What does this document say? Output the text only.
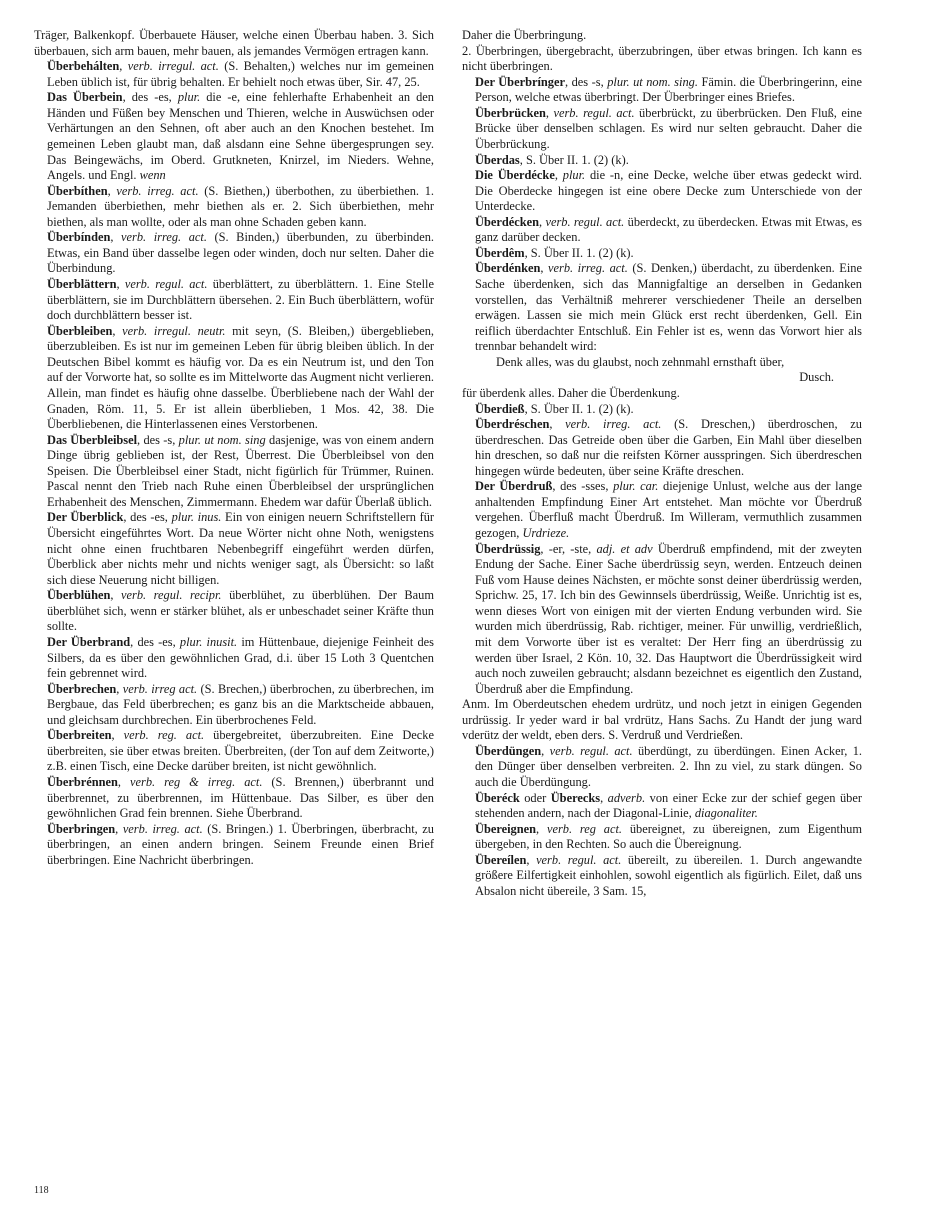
Träger, Balkenkopf. Überbauete Häuser, welche einen Überbau haben. 3. Sich überbauen, sich arm bauen, mehr bauen, als jemandes Vermögen ertragen kann.

Überbehálten, verb. irregul. act. (S. Behalten,) welches nur im gemeinen Leben üblich ist, für übrig behalten. Er behielt noch etwas über, Sir. 47, 25.

Das Überbein, des -es, plur. die -e, eine fehlerhafte Erhabenheit an den Händen und Füßen bey Menschen und Thieren, welche in Auswüchsen oder Verhärtungen an den Sehnen, oft aber auch an den Knochen bestehet. Im gemeinen Leben glaubt man, daß alsdann eine Sehne übergesprungen sey. Das Beingewächs, im Oberd. Grutkneten, Knirzel, im Nieders. Wehne, Angels. und Engl. wenn

Überbíthen, verb. irreg. act. (S. Biethen,) überbothen, zu überbiethen. 1. Jemanden überbiethen, mehr biethen als er. 2. Sich überbiethen, mehr biethen, als man wollte, oder als man ohne Schaden geben kann.

Überbínden, verb. irreg. act. (S. Binden,) überbunden, zu überbinden. Etwas, ein Band über dasselbe legen oder winden, doch nur selten. Daher die Überbindung.

Überblättern, verb. regul. act. überblättert, zu überblättern. 1. Eine Stelle überblättern, sie im Durchblättern übersehen. 2. Ein Buch überblättern, wofür doch durchblättern besser ist.

Überbleiben, verb. irregul. neutr. mit seyn, (S. Bleiben,) übergeblieben, überzubleiben. Es ist nur im gemeinen Leben für übrig bleiben üblich. In der Deutschen Bibel kommt es häufig vor. Da es ein Neutrum ist, und den Ton auf der Vorworte hat, so sollte es im Mittelworte das Augment nicht verlieren. Allein, man findet es häufig ohne dasselbe. Überbliebene nach der Wahl der Gnaden, Röm. 11, 5. Er ist allein überblieben, 1 Mos. 42, 38. Die Überbliebenen, die Hinterlassenen eines Verstorbenen.

Das Überbleibsel, des -s, plur. ut nom. sing dasjenige, was von einem andern Dinge übrig geblieben ist, der Rest, Überrest. Die Überbleibsel von den Speisen. Die Überbleibsel einer Stadt, nicht figürlich für Trümmer, Ruinen. Pascal nennt den Trieb nach Ruhe einen Überbleibsel der ursprünglichen Erhabenheit des Menschen, Zimmermann. Ehedem war dafür Überlaß üblich.

Der Überblick, des -es, plur. inus. Ein von einigen neuern Schriftstellern für Übersicht eingeführtes Wort. Da neue Wörter nicht ohne Noth, wenigstens nicht ohne einen fruchtbaren Nebenbegriff eingeführt werden dürfen, Überblick aber nichts mehr und nichts weniger sagt, als Übersicht: so laßt sich diese Neuerung nicht billigen.

Überblühen, verb. regul. recipr. überblühet, zu überblühen. Der Baum überblühet sich, wenn er stärker blühet, als er unbeschadet seiner Kräfte thun sollte.

Der Überbrand, des -es, plur. inusit. im Hüttenbaue, diejenige Feinheit des Silbers, da es über den gewöhnlichen Grad, d.i. über 15 Loth 3 Quentchen fein gebrennet wird.

Überbrechen, verb. irreg act. (S. Brechen,) überbrochen, zu überbrechen, im Bergbaue, das Feld überbrechen; es ganz bis an die Marktscheide abbauen, und gleichsam durchbrechen. Ein überbrochenes Feld.

Überbreiten, verb. reg. act. übergebreitet, überzubreiten. Eine Decke überbreiten, sie über etwas breiten. Überbreiten, (der Ton auf dem Zeitworte,) z.B. einen Tisch, eine Decke darüber breiten, ist nicht gewöhnlich.

Überbrénnen, verb. reg & irreg. act. (S. Brennen,) überbrannt und überbrennet, zu überbrennen, im Hüttenbaue. Das Silber, es über den gewöhnlichen Grad fein brennen. Siehe Überbrand.

Überbringen, verb. irreg. act. (S. Bringen.) 1. Überbringen, überbracht, zu überbringen, an einen andern bringen. Seinem Freunde einen Brief überbringen. Eine Nachricht überbringen.

Daher die Überbringung.

2. Überbringen, übergebracht, überzubringen, über etwas bringen. Ich kann es nicht überbringen.

Der Überbrínger, des -s, plur. ut nom. sing. Fämin. die Überbringerinn, eine Person, welche etwas überbringt. Der Überbringer eines Briefes.

Überbrücken, verb. regul. act. überbrückt, zu überbrücken. Den Fluß, eine Brücke über denselben schlagen. Es wird nur selten gebraucht. Daher die Überbrückung.

Überdas, S. Über II. 1. (2) (k).

Die Überdécke, plur. die -n, eine Decke, welche über etwas gedeckt wird. Die Oberdecke hingegen ist eine obere Decke zum Unterschiede von der Unterdecke.

Überdécken, verb. regul. act. überdeckt, zu überdecken. Etwas mit Etwas, es ganz darüber decken.

Überdêm, S. Über II. 1. (2) (k).

Überdénken, verb. irreg. act. (S. Denken,) überdacht, zu überdenken. Eine Sache überdenken, sich das Mannigfaltige an derselben in Gedanken vorstellen, das Verhältniß mehrerer verschiedener Theile an derselben erwägen. Lassen sie mich mein Glück erst recht überdenken, Gell. Ein reiflich überdachter Entschluß. Ein Fehler ist es, wenn das Vorwort hier als trennbar behandelt wird:

Denk alles, was du glaubst, noch zehnmahl ernsthaft über,
Dusch.

für überdenk alles. Daher die Überdenkung.

Überdieß, S. Über II. 1. (2) (k).

Überdréschen, verb. irreg. act. (S. Dreschen,) überdroschen, zu überdreschen. Das Getreide oben über die Garben, Ein Mahl über dieselben hin dreschen, so daß nur die reifsten Körner ausspringen. Sich überdreschen hingegen würde bedeuten, über seine Kräfte dreschen.

Der Überdruß, des -sses, plur. car. diejenige Unlust, welche aus der lange anhaltenden Empfindung Einer Art entstehet. Man möchte vor Überdruß vergehen. Überfluß macht Überdruß. Im Willeram, vermuthlich zusammen gezogen, Urdrieze.

Überdrüssig, -er, -ste, adj. et adv Überdruß empfindend, mit der zweyten Endung der Sache. Einer Sache überdrüssig seyn, werden. Entzeuch deinen Fuß vom Hause deines Nächsten, er möchte sonst deiner überdrüssig werden, Sprichw. 25, 17. Ich bin des Gewinnsels überdrüssig, Weiße. Unrichtig ist es, wenn dieses Wort von einigen mit der vierten Endung verbunden wird. Sie wurden mich überdrüssig, Rab. richtiger, meiner. Für unwillig, verdrießlich, mit dem Vorworte über ist es veraltet: Der Herr fing an überdrüssig zu werden über Israel, 2 Kön. 10, 32. Das Hauptwort die Überdrüssigkeit wird auch noch zuweilen gebraucht; alsdann bezeichnet es eigentlich den Zustand, Überdruß aber die Empfindung.

Anm. Im Oberdeutschen ehedem urdrütz, und noch jetzt in einigen Gegenden urdrüssig. Ir yeder ward ir bal vrdrütz, Hans Sachs. Zu Handt der jung ward vderütz der weldt, eben ders. S. Verdruß und Verdrießen.

Überdüngen, verb. regul. act. überdüngt, zu überdüngen. Einen Acker, 1. den Dünger über denselben verbreiten. 2. Ihn zu viel, zu stark düngen. So auch die Überdüngung.

Überéck oder Überecks, adverb. von einer Ecke zur der schief gegen über stehenden andern, nach der Diagonal-Linie, diagonaliter.

Übereignen, verb. reg act. übereignet, zu übereignen, zum Eigenthum übergeben, in den Rechten. So auch die Übereignung.

Übereílen, verb. regul. act. übereilt, zu übereilen. 1. Durch angewandte größere Eilfertigkeit einhohlen, sowohl eigentlich als figürlich. Eilet, daß uns Absalon nicht übereile, 3 Sam. 15,

118
